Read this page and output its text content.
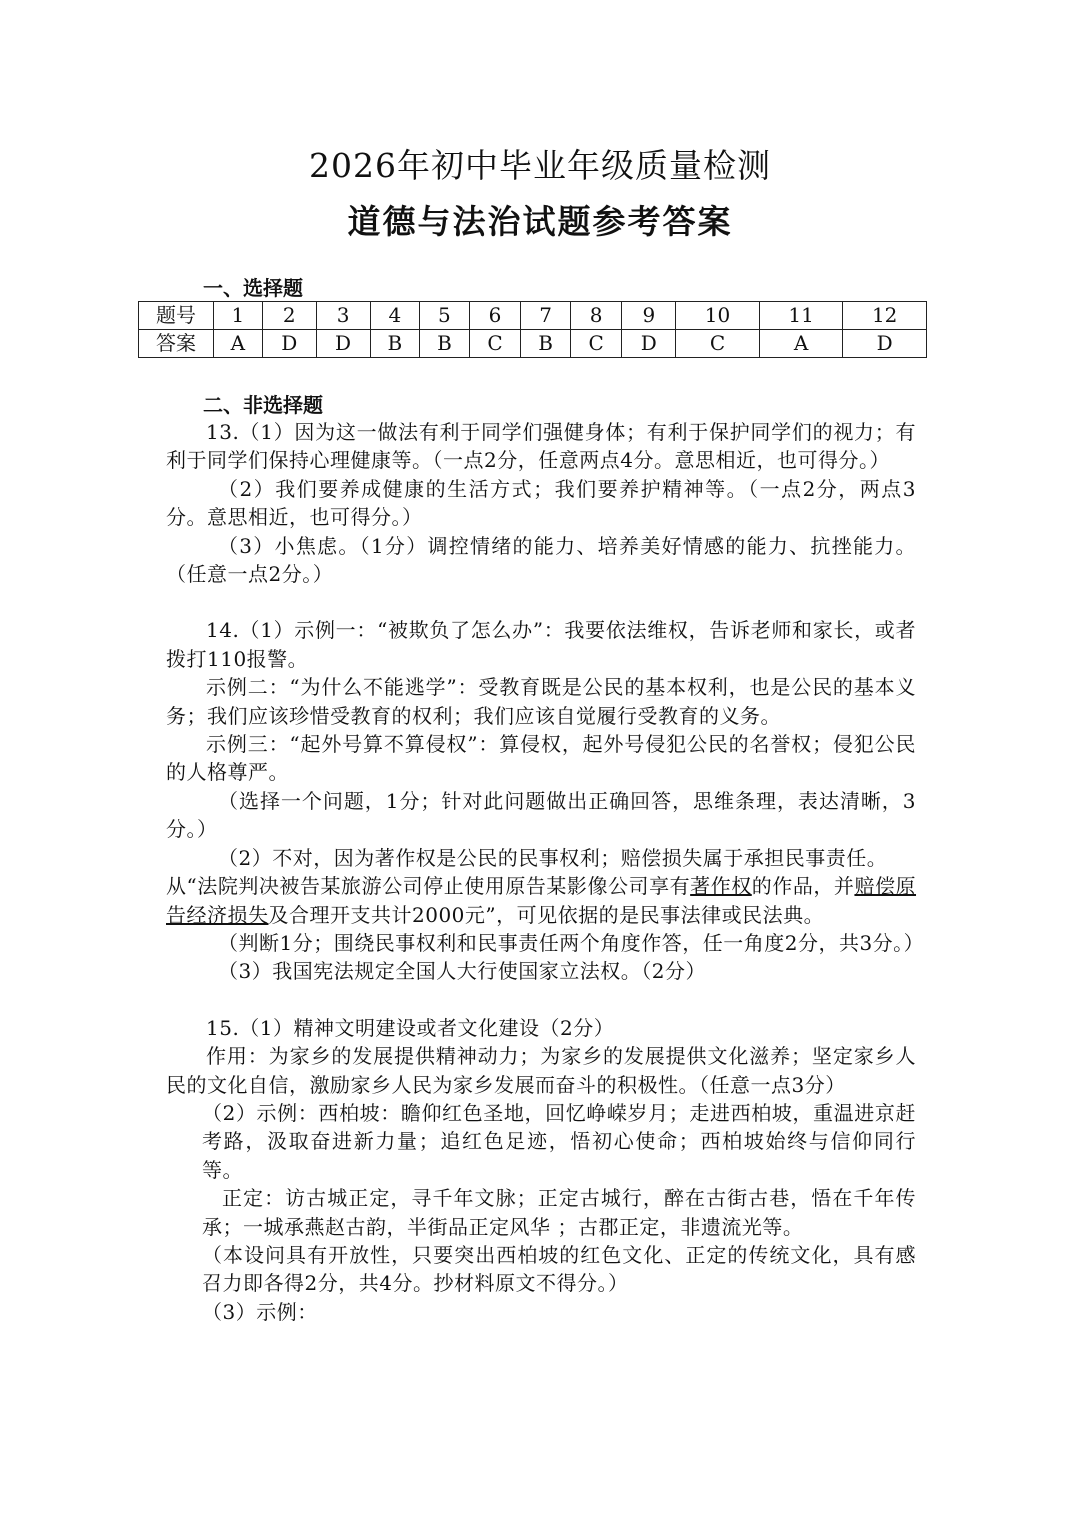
2026年初中毕业年级质量检测
道德与法治试题参考答案
一、选择题
题号	1	2	3	4	5	6	7	8	9	10	11	12
答案	A	D	D	B	B	C	B	C	D	C	A	D
二、非选择题

13.（1）因为这一做法有利于同学们强健身体；有利于保护同学们的视力；有利于同学们保持心理健康等。（一点2分，任意两点4分。意思相近，也可得分。）

（2）我们要养成健康的生活方式；我们要养护精神等。（一点2分，两点3分。意思相近，也可得分。）

（3）小焦虑。（1分）调控情绪的能力、培养美好情感的能力、抗挫能力。（任意一点2分。）

14.（1）示例一：“被欺负了怎么办”：我要依法维权，告诉老师和家长，或者拨打110报警。

示例二：“为什么不能逃学”：受教育既是公民的基本权利，也是公民的基本义务；我们应该珍惜受教育的权利；我们应该自觉履行受教育的义务。

示例三：“起外号算不算侵权”：算侵权，起外号侵犯公民的名誉权；侵犯公民的人格尊严。

（选择一个问题，1分；针对此问题做出正确回答，思维条理，表达清晰，3分。）

（2）不对，因为著作权是公民的民事权利；赔偿损失属于承担民事责任。

从“法院判决被告某旅游公司停止使用原告某影像公司享有著作权的作品，并赔偿原告经济损失及合理开支共计2000元”，可见依据的是民事法律或民法典。

（判断1分；围绕民事权利和民事责任两个角度作答，任一角度2分，共3分。）

（3）我国宪法规定全国人大行使国家立法权。（2分）

15.（1）精神文明建设或者文化建设（2分）

作用：为家乡的发展提供精神动力；为家乡的发展提供文化滋养；坚定家乡人民的文化自信，激励家乡人民为家乡发展而奋斗的积极性。（任意一点3分）

（2）示例：西柏坡：瞻仰红色圣地，回忆峥嵘岁月；走进西柏坡，重温进京赶考路，汲取奋进新力量；追红色足迹，悟初心使命；西柏坡始终与信仰同行等。

正定：访古城正定，寻千年文脉；正定古城行，醉在古街古巷，悟在千年传承；一城承燕赵古韵，半街品正定风华 ；古郡正定，非遗流光等。

（本设问具有开放性，只要突出西柏坡的红色文化、正定的传统文化，具有感召力即各得2分，共4分。抄材料原文不得分。）

（3）示例：
